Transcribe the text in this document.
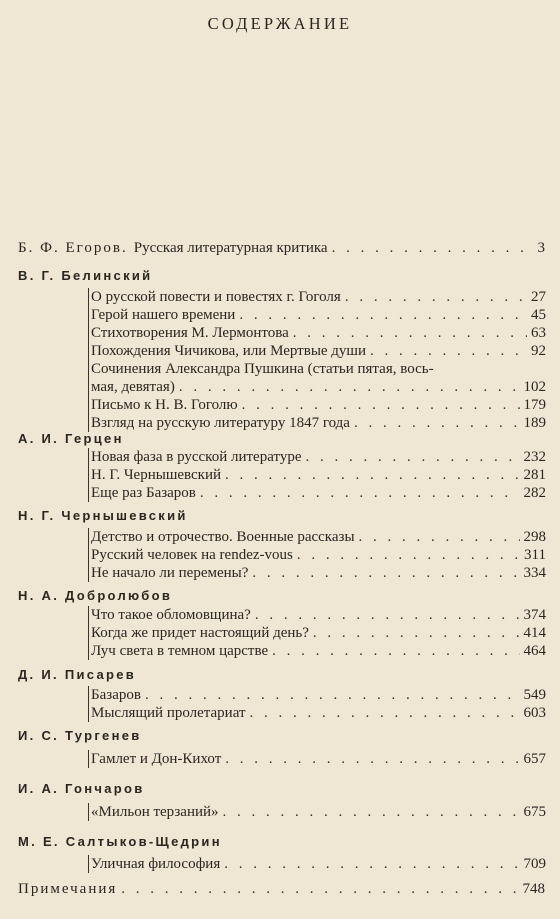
СОДЕРЖАНИЕ
Б. Ф. Егоров. Русская литературная критика . . .	3
В. Г. Белинский
О русской повести и повестях г. Гоголя . . .	27
Герой нашего времени . . .	45
Стихотворения М. Лермонтова . . .	63
Похождения Чичикова, или Мертвые души . . .	92
Сочинения Александра Пушкина (статьи пятая, вось-
мая, девятая) . . .	102
Письмо к Н. В. Гоголю . . .	179
Взгляд на русскую литературу 1847 года . . .	189
А. И. Герцен
Новая фаза в русской литературе . . .	232
Н. Г. Чернышевский . . .	281
Еще раз Базаров . . .	282
Н. Г. Чернышевский
Детство и отрочество. Военные рассказы . . .	298
Русский человек на rendez-vous . . .	311
Не начало ли перемены? . . .	334
Н. А. Добролюбов
Что такое обломовщина? . . .	374
Когда же придет настоящий день? . . .	414
Луч света в темном царстве . . .	464
Д. И. Писарев
Базаров . . .	549
Мыслящий пролетариат . . .	603
И. С. Тургенев
Гамлет и Дон-Кихот . . .	657
И. А. Гончаров
«Мильон терзаний» . . .	675
М. Е. Салтыков-Щедрин
Уличная философия . . .	709
Примечания . . .	748
